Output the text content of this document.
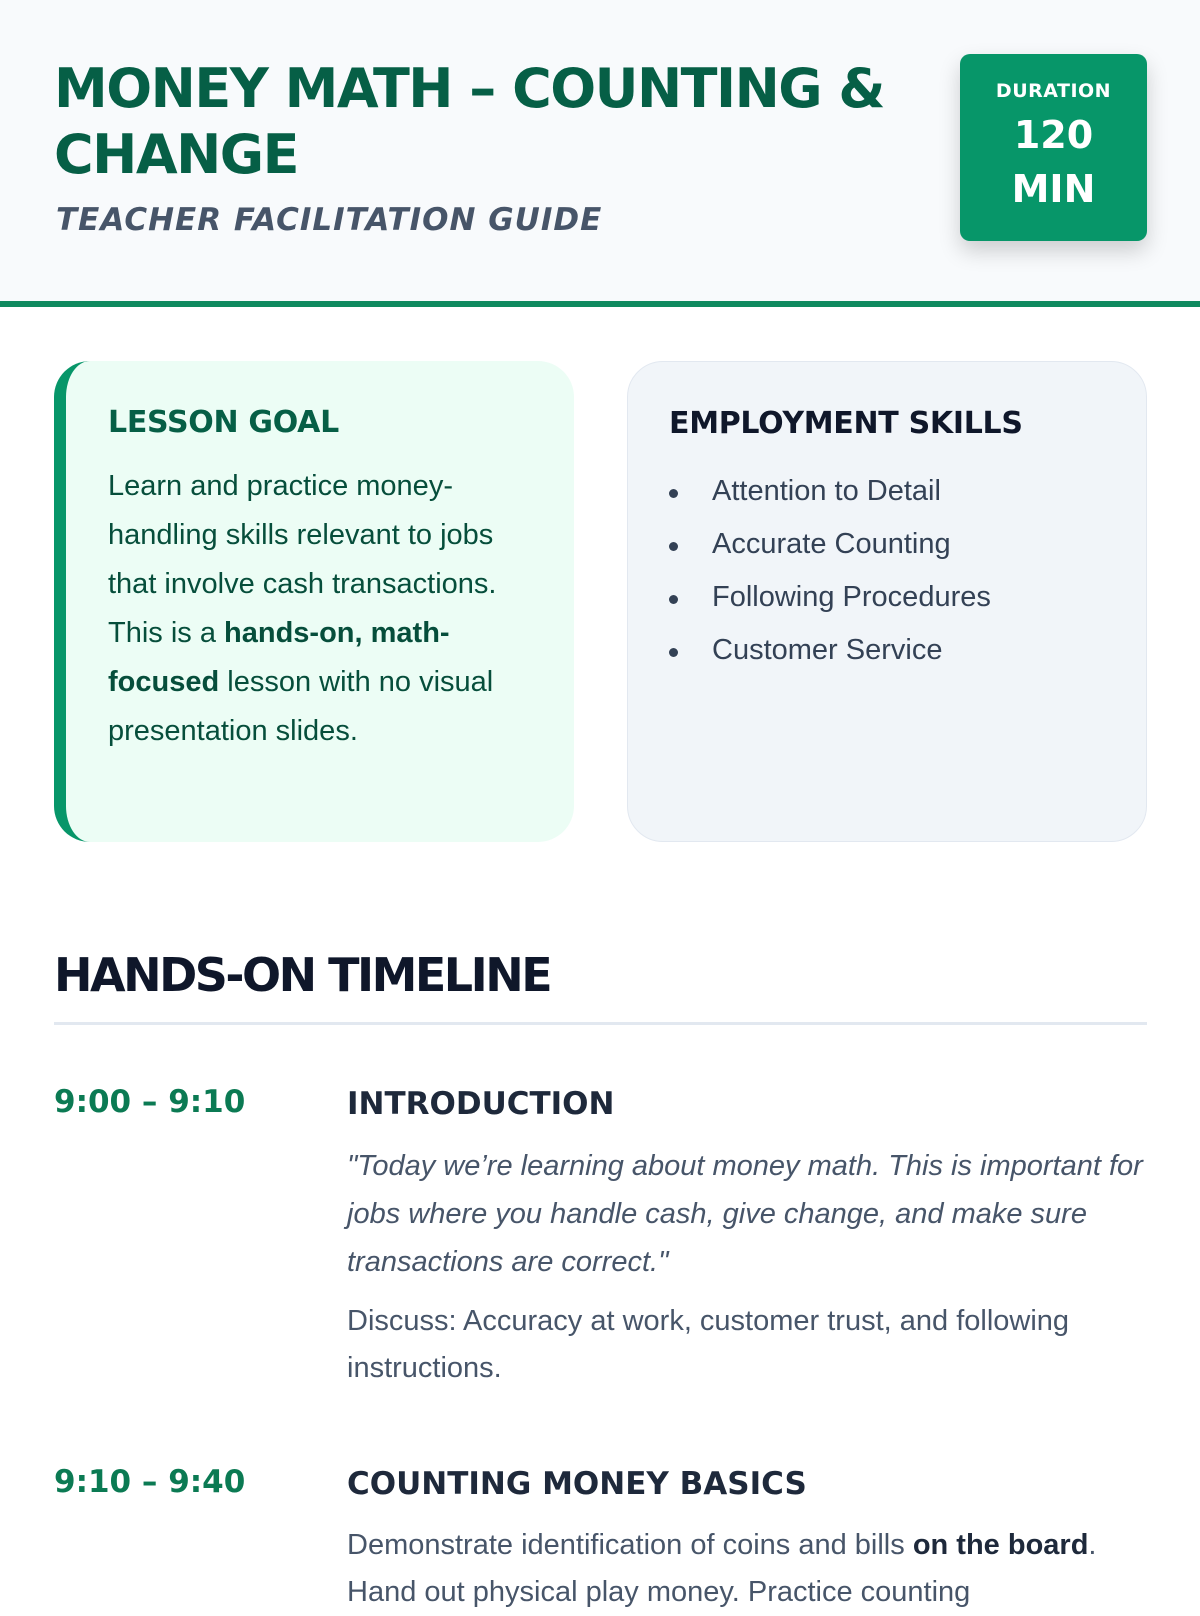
MONEY MATH – COUNTING & CHANGE
TEACHER FACILITATION GUIDE
DURATION
120 MIN
LESSON GOAL

Learn and practice money-handling skills relevant to jobs that involve cash transactions. This is a hands-on, math-focused lesson with no visual presentation slides.

EMPLOYMENT SKILLS
Attention to Detail
Accurate Counting
Following Procedures
Customer Service
HANDS-ON TIMELINE
9:00 – 9:10	INTRODUCTION
"Today we’re learning about money math. This is important for jobs where you handle cash, give change, and make sure transactions are correct."
Discuss: Accuracy at work, customer trust, and following instructions.
9:10 – 9:40	COUNTING MONEY BASICS
Demonstrate identification of coins and bills on the board. Hand out physical play money. Practice counting
